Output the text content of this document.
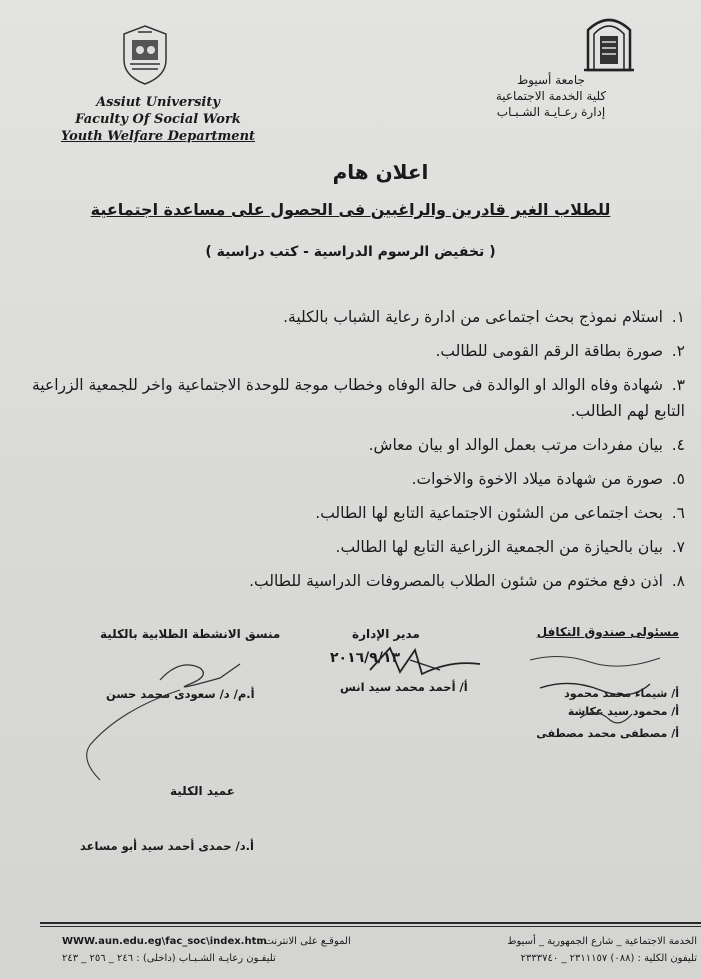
Assiut University
Faculty Of Social Work
Youth Welfare Department
جامعة أسيوط
كلية الخدمة الاجتماعية
إدارة رعـايـة الشـبـاب
اعلان هام
للطلاب الغير قادرين والراغبين فى الحصول على مساعدة اجتماعية
( تخفيض الرسوم الدراسية - كتب دراسية )
١.استلام نموذج بحث اجتماعى من ادارة رعاية الشباب بالكلية.
٢.صورة بطاقة الرقم القومى للطالب.
٣.شهادة وفاه الوالد او الوالدة فى حالة الوفاه وخطاب موجة للوحدة الاجتماعية واخر للجمعية الزراعية التابع لهم الطالب.
٤.بيان مفردات مرتب بعمل الوالد او بيان معاش.
٥.صورة من شهادة ميلاد الاخوة والاخوات.
٦.بحث اجتماعى من الشئون الاجتماعية التابع لها الطالب.
٧.بيان بالحيازة من الجمعية الزراعية التابع لها الطالب.
٨.اذن دفع مختوم من شئون الطلاب بالمصروفات الدراسية للطالب.
مسئولى صندوق التكافل
أ/ شيماء محمد محمود
أ/ محمود سيد عكاشة
أ/ مصطفى محمد مصطفى
مدير الإدارة
٢٠١٦/٩/١٣
أ/ أحمد محمد سيد انس
منسق الانشطة الطلابية بالكلية
أ.م/ د/ سعودى محمد حسن
عميد الكلية
أ.د/ حمدى أحمد سيد أبو مساعد
الخدمة الاجتماعية _ شارع الجمهورية _ أسيوط
تليفون الكلية : (٠٨٨) ٢٣١١١٥٧ _ ٢٣٣٣٧٤٠
الموقـع على الانترنت :
WWW.aun.edu.eg\fac_soc\index.htm
تليفـون رعايـة الشـبـاب (داخلى) : ٢٤٦ _ ٢٥٦ _ ٢٤٣
